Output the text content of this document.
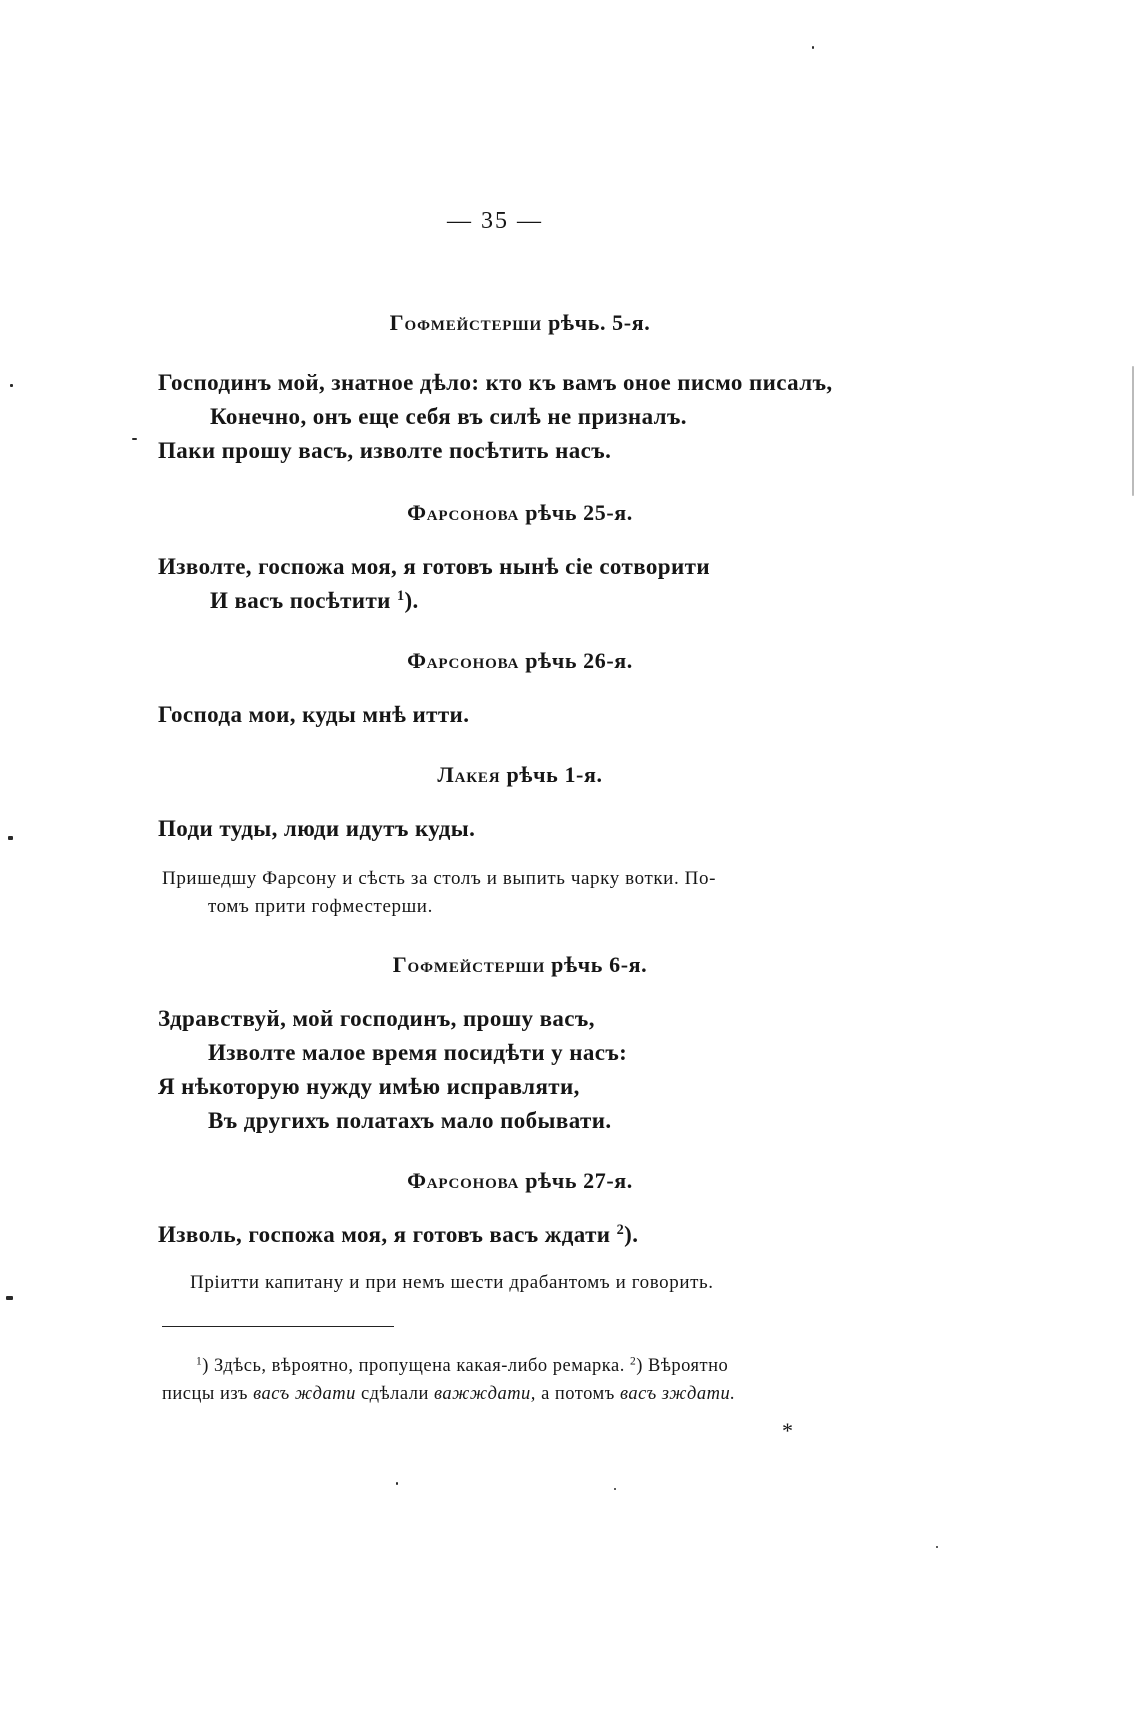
— 35 —
Гофмейстерши рѣчь. 5-я.
Господинъ мой, знатное дѣло: кто къ вамъ оное писмо писалъ,
Конечно, онъ еще себя въ силѣ не призналъ.
Паки прошу васъ, изволте посѣтить насъ.
Фарсонова рѣчь 25-я.
Изволте, госпожа моя, я готовъ нынѣ сіе сотворити
И васъ посѣтити $^1$).
Фарсонова рѣчь 26-я.
Господа мои, куды мнѣ итти.
Лакея рѣчь 1-я.
Поди туды, люди идутъ куды.
Пришедшу Фарсону и сѣсть за столъ и выпить чарку вотки. По-
томъ прити гофместерши.
Гофмейстерши рѣчь 6-я.
Здравствуй, мой господинъ, прошу васъ,
Изволте малое время посидѣти у насъ:
Я нѣкоторую нужду имѣю исправляти,
Въ другихъ полатахъ мало побывати.
Фарсонова рѣчь 27-я.
Изволь, госпожа моя, я готовъ васъ ждати $^2$).
Пріитти капитану и при немъ шести драбантомъ и говорить.
$^1$) Здѣсь, вѣроятно, пропущена какая-либо ремарка. $^2$) Вѣроятно
писцы изъ васъ ждати сдѣлали важждати, а потомъ васъ зждати.
*
